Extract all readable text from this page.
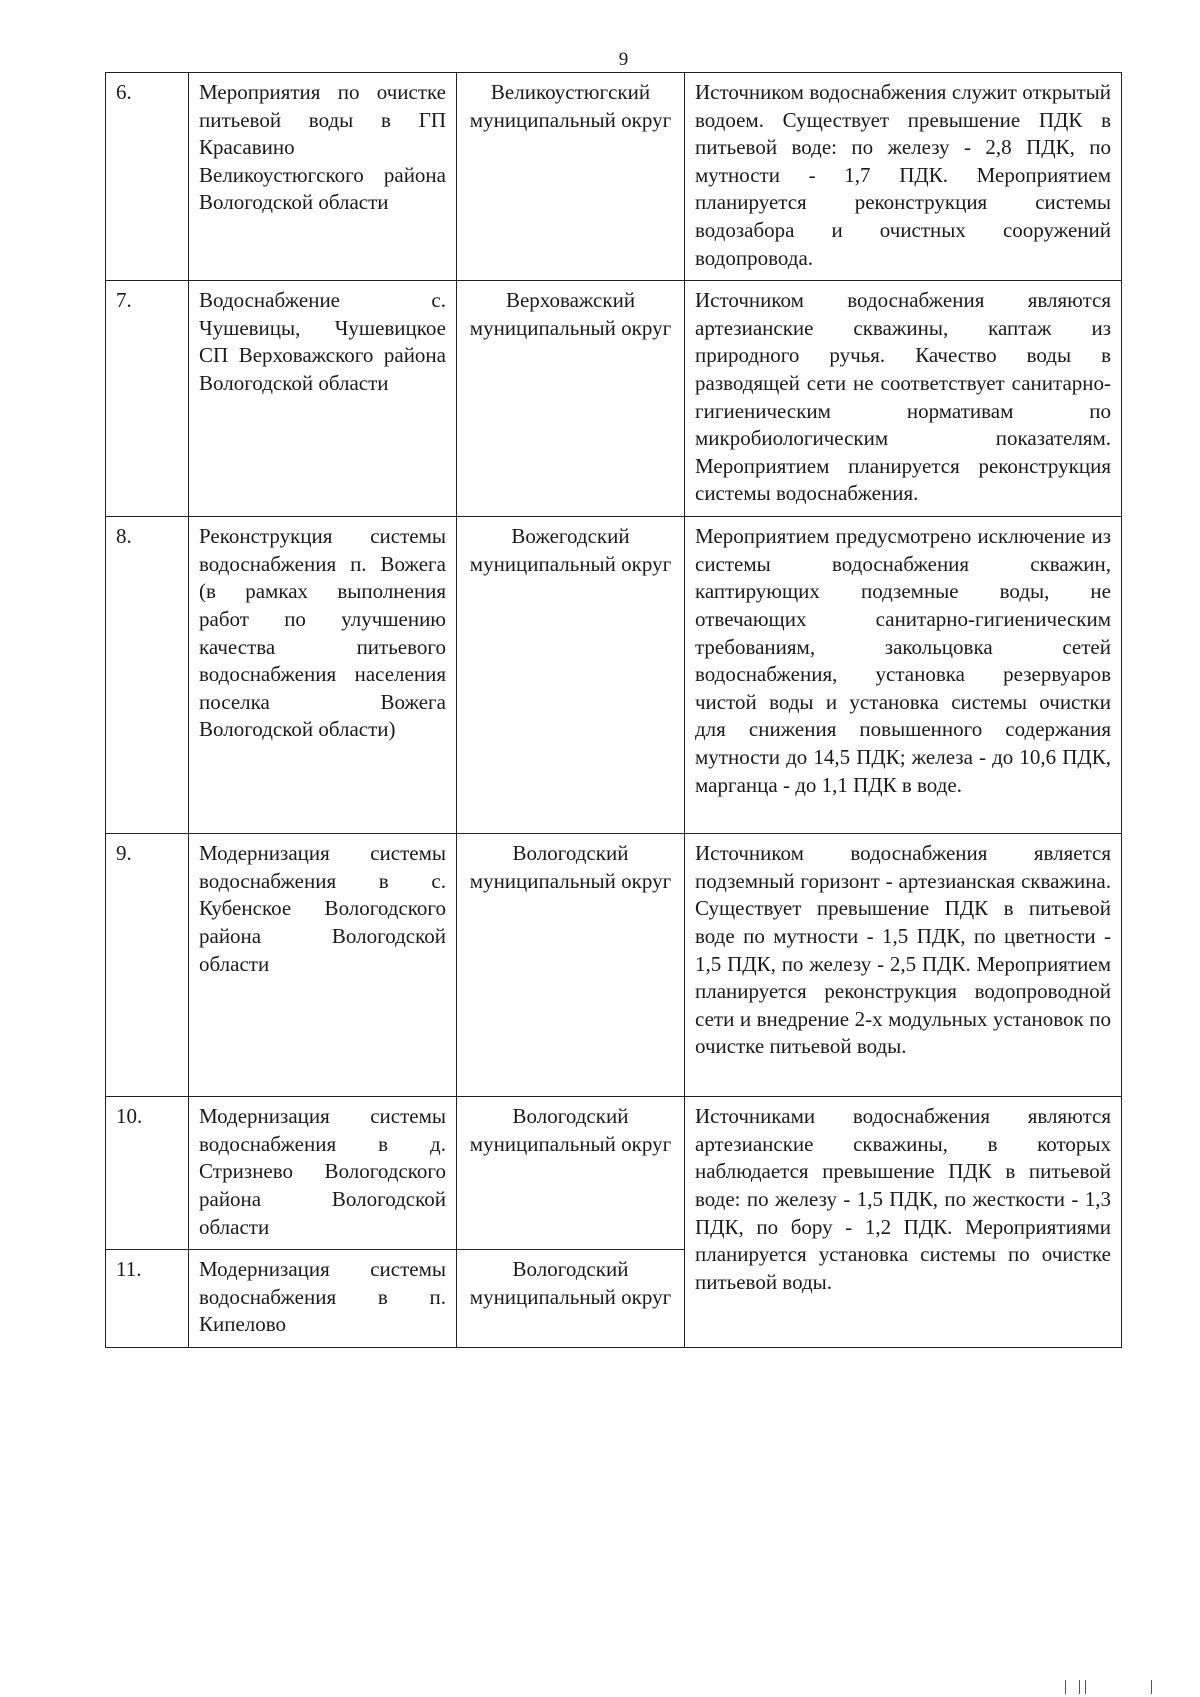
9
6.	Мероприятия по очистке питьевой воды в ГП Красавино Великоустюгского района Вологодской области	Великоустюгский муниципальный округ	Источником водоснабжения служит открытый водоем. Существует превышение ПДК в питьевой воде: по железу - 2,8 ПДК, по мутности - 1,7 ПДК. Мероприятием планируется реконструкция системы водозабора и очистных сооружений водопровода.
7.	Водоснабжение с. Чушевицы, Чушевицкое СП Верховажского района Вологодской области	Верховажский муниципальный округ	Источником водоснабжения являются артезианские скважины, каптаж из природного ручья. Качество воды в разводящей сети не соответствует санитарно-гигиеническим нормативам по микробиологическим показателям. Мероприятием планируется реконструкция системы водоснабжения.
8.	Реконструкция системы водоснабжения п. Вожега (в рамках выполнения работ по улучшению качества питьевого водоснабжения населения поселка Вожега Вологодской области)	Вожегодский муниципальный округ	Мероприятием предусмотрено исключение из системы водоснабжения скважин, каптирующих подземные воды, не отвечающих санитарно-гигиеническим требованиям, закольцовка сетей водоснабжения, установка резервуаров чистой воды и установка системы очистки для снижения повышенного содержания мутности до 14,5 ПДК; железа - до 10,6 ПДК, марганца - до 1,1 ПДК в воде.
9.	Модернизация системы водоснабжения в с. Кубенское Вологодского района Вологодской области	Вологодский муниципальный округ	Источником водоснабжения является подземный горизонт - артезианская скважина. Существует превышение ПДК в питьевой воде по мутности - 1,5 ПДК, по цветности - 1,5 ПДК, по железу - 2,5 ПДК. Мероприятием планируется реконструкция водопроводной сети и внедрение 2-х модульных установок по очистке питьевой воды.
10.	Модернизация системы водоснабжения в д. Стризнево Вологодского района Вологодской области	Вологодский муниципальный округ	Источниками водоснабжения являются артезианские скважины, в которых наблюдается превышение ПДК в питьевой воде: по железу - 1,5 ПДК, по жесткости - 1,3 ПДК, по бору - 1,2 ПДК. Мероприятиями планируется установка системы по очистке питьевой воды.
11.	Модернизация системы водоснабжения в п. Кипелово	Вологодский муниципальный округ	
